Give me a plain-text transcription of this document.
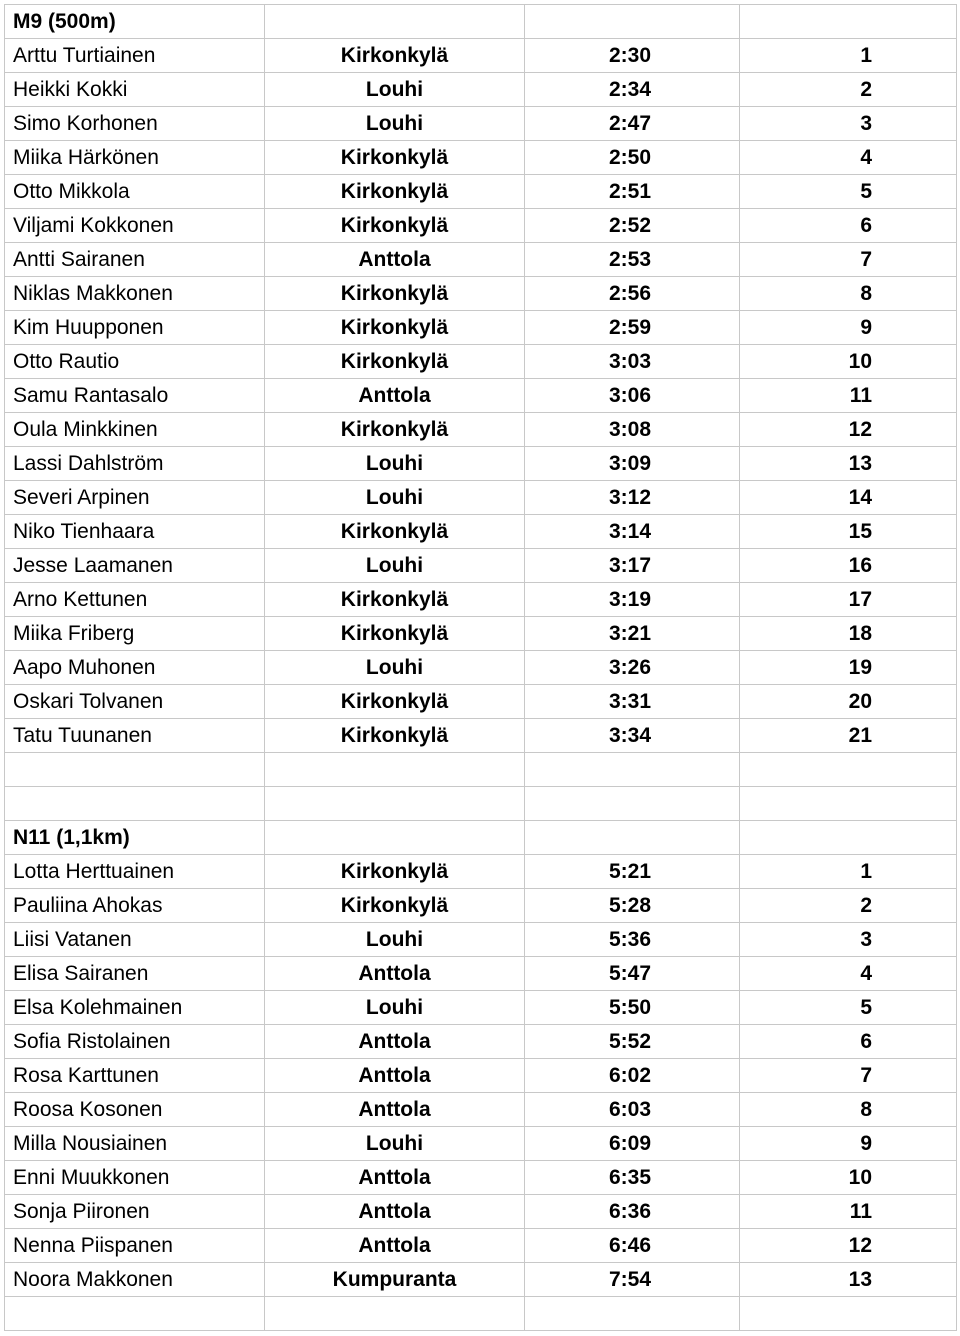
M9 (500m)			
Arttu Turtiainen	Kirkonkylä	2:30	1
Heikki Kokki	Louhi	2:34	2
Simo Korhonen	Louhi	2:47	3
Miika Härkönen	Kirkonkylä	2:50	4
Otto Mikkola	Kirkonkylä	2:51	5
Viljami Kokkonen	Kirkonkylä	2:52	6
Antti Sairanen	Anttola	2:53	7
Niklas Makkonen	Kirkonkylä	2:56	8
Kim Huupponen	Kirkonkylä	2:59	9
Otto Rautio	Kirkonkylä	3:03	10
Samu Rantasalo	Anttola	3:06	11
Oula Minkkinen	Kirkonkylä	3:08	12
Lassi Dahlström	Louhi	3:09	13
Severi Arpinen	Louhi	3:12	14
Niko Tienhaara	Kirkonkylä	3:14	15
Jesse Laamanen	Louhi	3:17	16
Arno Kettunen	Kirkonkylä	3:19	17
Miika Friberg	Kirkonkylä	3:21	18
Aapo Muhonen	Louhi	3:26	19
Oskari Tolvanen	Kirkonkylä	3:31	20
Tatu Tuunanen	Kirkonkylä	3:34	21

N11 (1,1km)			
Lotta Herttuainen	Kirkonkylä	5:21	1
Pauliina Ahokas	Kirkonkylä	5:28	2
Liisi Vatanen	Louhi	5:36	3
Elisa Sairanen	Anttola	5:47	4
Elsa Kolehmainen	Louhi	5:50	5
Sofia Ristolainen	Anttola	5:52	6
Rosa Karttunen	Anttola	6:02	7
Roosa Kosonen	Anttola	6:03	8
Milla Nousiainen	Louhi	6:09	9
Enni Muukkonen	Anttola	6:35	10
Sonja Piironen	Anttola	6:36	11
Nenna Piispanen	Anttola	6:46	12
Noora Makkonen	Kumpuranta	7:54	13
